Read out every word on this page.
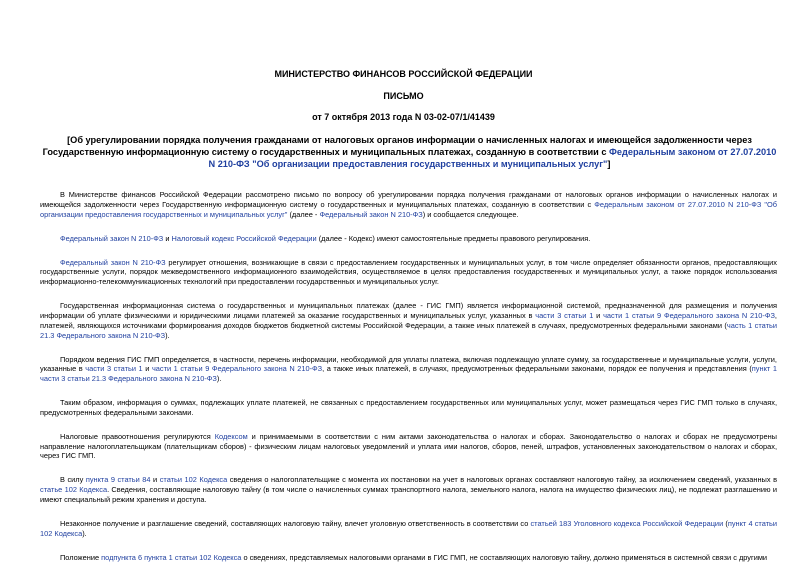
МИНИСТЕРСТВО ФИНАНСОВ РОССИЙСКОЙ ФЕДЕРАЦИИ
ПИСЬМО
от 7 октября 2013 года N 03-02-07/1/41439
[Об урегулировании порядка получения гражданами от налоговых органов информации о начисленных налогах и имеющейся задолженности через Государственную информационную систему о государственных и муниципальных платежах, созданную в соответствии с Федеральным законом от 27.07.2010 N 210-ФЗ "Об организации предоставления государственных и муниципальных услуг"]

В Министерстве финансов Российской Федерации рассмотрено письмо по вопросу об урегулировании порядка получения гражданами от налоговых органов информации о начисленных налогах и имеющейся задолженности через Государственную информационную систему о государственных и муниципальных платежах, созданную в соответствии с Федеральным законом от 27.07.2010 N 210-ФЗ "Об организации предоставления государственных и муниципальных услуг" (далее - Федеральный закон N 210-ФЗ) и сообщается следующее.

Федеральный закон N 210-ФЗ и Налоговый кодекс Российской Федерации (далее - Кодекс) имеют самостоятельные предметы правового регулирования.

Федеральный закон N 210-ФЗ регулирует отношения, возникающие в связи с предоставлением государственных и муниципальных услуг, в том числе определяет обязанности органов, предоставляющих государственные услуги, порядок межведомственного информационного взаимодействия, осуществляемое в целях предоставления государственных и муниципальных услуг, а также порядок использования информационно-телекоммуникационных технологий при предоставлении государственных и муниципальных услуг.

Государственная информационная система о государственных и муниципальных платежах (далее - ГИС ГМП) является информационной системой, предназначенной для размещения и получения информации об уплате физическими и юридическими лицами платежей за оказание государственных и муниципальных услуг, указанных в части 3 статьи 1 и части 1 статьи 9 Федерального закона N 210-ФЗ, платежей, являющихся источниками формирования доходов бюджетов бюджетной системы Российской Федерации, а также иных платежей в случаях, предусмотренных федеральными законами (часть 1 статьи 21.3 Федерального закона N 210-ФЗ).

Порядком ведения ГИС ГМП определяется, в частности, перечень информации, необходимой для уплаты платежа, включая подлежащую уплате сумму, за государственные и муниципальные услуги, услуги, указанные в части 3 статьи 1 и части 1 статьи 9 Федерального закона N 210-ФЗ, а также иных платежей, в случаях, предусмотренных федеральными законами, порядок ее получения и представления (пункт 1 части 3 статьи 21.3 Федерального закона N 210-ФЗ).

Таким образом, информация о суммах, подлежащих уплате платежей, не связанных с предоставлением государственных или муниципальных услуг, может размещаться через ГИС ГМП только в случаях, предусмотренных федеральными законами.

Налоговые правоотношения регулируются Кодексом и принимаемыми в соответствии с ним актами законодательства о налогах и сборах. Законодательство о налогах и сборах не предусмотрены направление налогоплательщикам (плательщикам сборов) - физическим лицам налоговых уведомлений и уплата ими налогов, сборов, пеней, штрафов, установленных законодательством о налогах и сборах, через ГИС ГМП.

В силу пункта 9 статьи 84 и статьи 102 Кодекса сведения о налогоплательщике с момента их постановки на учет в налоговых органах составляют налоговую тайну, за исключением сведений, указанных в статье 102 Кодекса. Сведения, составляющие налоговую тайну (в том числе о начисленных суммах транспортного налога, земельного налога, налога на имущество физических лиц), не подлежат разглашению и имеют специальный режим хранения и доступа.

Незаконное получение и разглашение сведений, составляющих налоговую тайну, влечет уголовную ответственность в соответствии со статьей 183 Уголовного кодекса Российской Федерации (пункт 4 статьи 102 Кодекса).

Положение подпункта 6 пункта 1 статьи 102 Кодекса о сведениях, представляемых налоговыми органами в ГИС ГМП, не составляющих налоговую тайну, должно применяться в системной связи с другими
